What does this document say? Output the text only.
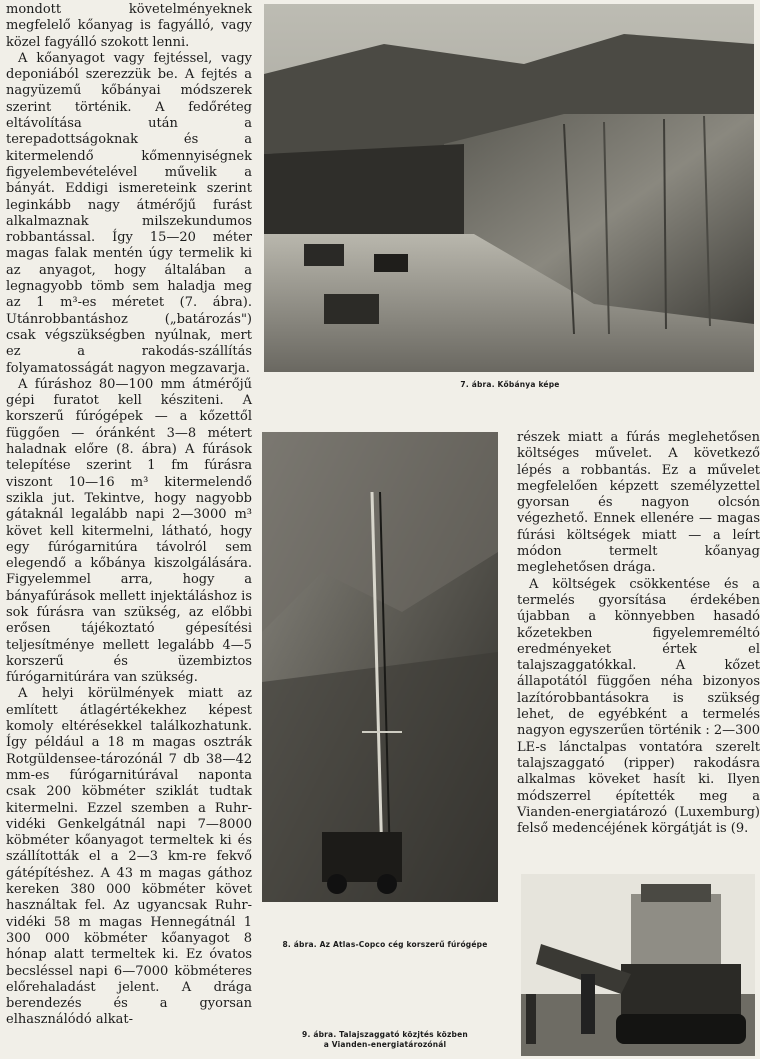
mondott követelményeknek megfelelő kőanyag is fagyálló, vagy közel fagyálló szokott lenni.

A kőanyagot vagy fejtéssel, vagy deponiából szerezzük be. A fejtés a nagyüzemű kőbányai módszerek szerint történik. A fedőréteg eltávolítása után a terepadottságoknak és a kitermelendő kőmennyiségnek figyelembevételével művelik a bányát. Eddigi ismereteink szerint leginkább nagy átmérőjű furást alkalmaznak milszekundumos robbantással. Így 15—20 méter magas falak mentén úgy termelik ki az anyagot, hogy általában a legnagyobb tömb sem haladja meg az 1 m³-es méretet (7. ábra). Utánrobbantáshoz („batározás") csak végszükségben nyúlnak, mert ez a rakodás-szállítás folyamatosságát nagyon megzavarja.

A fúráshoz 80—100 mm átmérőjű gépi furatot kell késziteni. A korszerű fúrógépek — a kőzettől függően — óránként 3—8 métert haladnak előre (8. ábra) A fúrások telepítése szerint 1 fm fúrásra viszont 10—16 m³ kitermelendő szikla jut. Tekintve, hogy nagyobb gátaknál legalább napi 2—3000 m³ követ kell kitermelni, látható, hogy egy fúrógarnitúra távolról sem elegendő a kőbánya kiszolgálására. Figyelemmel arra, hogy a bányafúrások mellett injektáláshoz is sok fúrásra van szükség, az előbbi erősen tájékoztató gépesítési teljesítménye mellett legalább 4—5 korszerű és üzembiztos fúrógarnitúrára van szükség.

A helyi körülmények miatt az említett átlagértékekhez képest komoly eltérésekkel találkozhatunk. Így például a 18 m magas osztrák Rotgüldensee-tározónál 7 db 38—42 mm-es fúrógarnitúrával naponta csak 200 köbméter sziklát tudtak kitermelni. Ezzel szemben a Ruhr-vidéki Genkelgátnál napi 7—8000 köbméter kőanyagot termeltek ki és szállították el a 2—3 km-re fekvő gátépítéshez. A 43 m magas gáthoz kereken 380 000 köbméter követ használtak fel. Az ugyancsak Ruhr-vidéki 58 m magas Hennegátnál 1 300 000 köbméter kőanyagot 8 hónap alatt termeltek ki. Ez óvatos becsléssel napi 6—7000 köbméteres előrehaladást jelent. A drága berendezés és a gyorsan elhasználódó alkat-

7. ábra. Kőbánya képe
8. ábra. Az Atlas-Copco cég korszerű fúrógépe

részek miatt a fúrás meglehetősen költséges művelet. A következő lépés a robbantás. Ez a művelet megfelelően képzett személyzettel gyorsan és nagyon olcsón végezhető. Ennek ellenére — magas fúrási költségek miatt — a leírt módon termelt kőanyag meglehetősen drága.

A költségek csökkentése és a termelés gyorsítása érdekében újabban a könnyebben hasadó kőzetekben figyelemreméltó eredményeket értek el talajszaggatókkal. A kőzet állapotától függően néha bizonyos lazítórobbantásokra is szükség lehet, de egyébként a termelés nagyon egyszerűen történik : 2—300 LE-s lánctalpas vontatóra szerelt talajszaggató (ripper) rakodásra alkalmas köveket hasít ki. Ilyen módszerrel építették meg a Vianden-energiatározó (Luxemburg) felső medencéjének körgátját is (9.

9. ábra. Talajszaggató közjtés közben
a Vianden-energiatározónál
